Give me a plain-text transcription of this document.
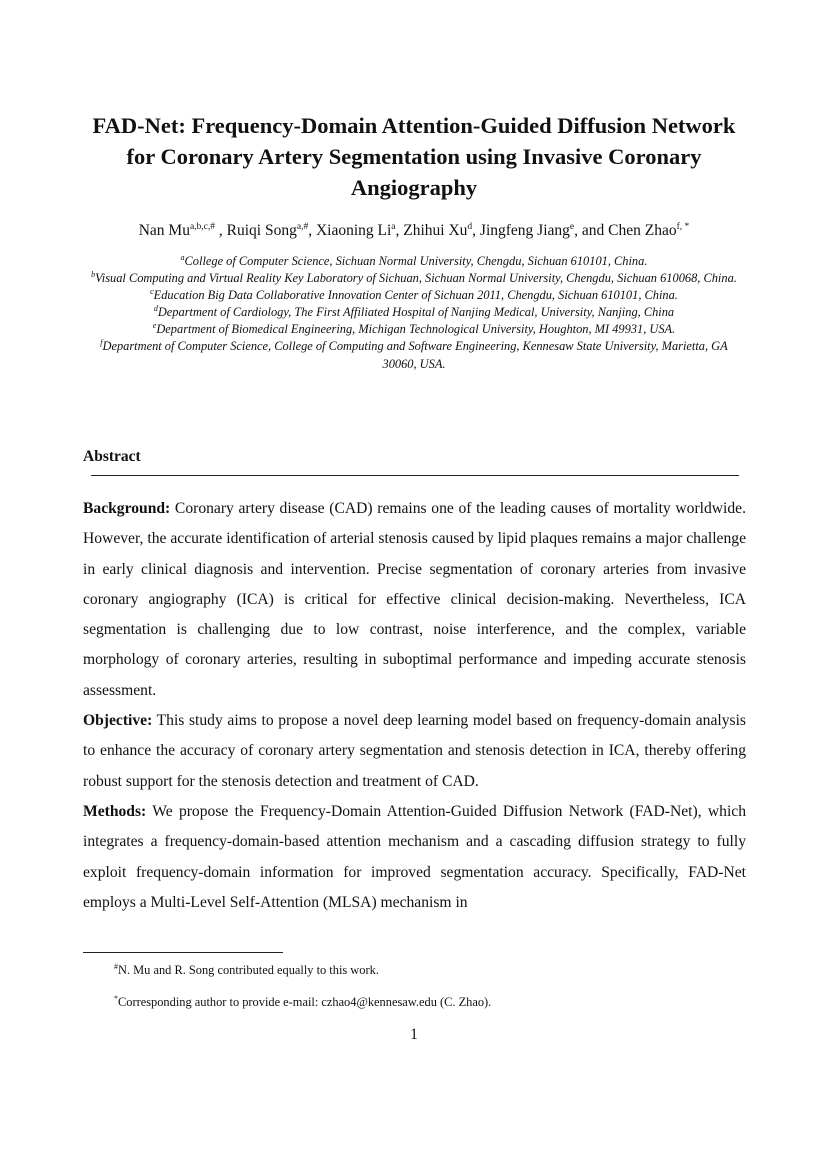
FAD-Net: Frequency-Domain Attention-Guided Diffusion Network for Coronary Artery Segmentation using Invasive Coronary Angiography
Nan $Mu^{a,b,c,\#}$ , Ruiqi Song$^{a,\#}$, Xiaoning Li$^a$, Zhihui Xu$^d$, Jingfeng Jiang$^e$, and Chen Zhao$^{f, *}$
$^a$College of Computer Science, Sichuan Normal University, Chengdu, Sichuan 610101, China.
$^b$Visual Computing and Virtual Reality Key Laboratory of Sichuan, Sichuan Normal University, Chengdu, Sichuan 610068, China.
$^c$Education Big Data Collaborative Innovation Center of Sichuan 2011, Chengdu, Sichuan 610101, China.
$^d$Department of Cardiology, The First Affiliated Hospital of Nanjing Medical, University, Nanjing, China
$^e$Department of Biomedical Engineering, Michigan Technological University, Houghton, MI 49931, USA.
$^f$Department of Computer Science, College of Computing and Software Engineering, Kennesaw State University, Marietta, GA 30060, USA.
Abstract

Background: Coronary artery disease (CAD) remains one of the leading causes of mortality worldwide. However, the accurate identification of arterial stenosis caused by lipid plaques remains a major challenge in early clinical diagnosis and intervention. Precise segmentation of coronary arteries from invasive coronary angiography (ICA) is critical for effective clinical decision-making. Nevertheless, ICA segmentation is challenging due to low contrast, noise interference, and the complex, variable morphology of coronary arteries, resulting in suboptimal performance and impeding accurate stenosis assessment.

Objective: This study aims to propose a novel deep learning model based on frequency-domain analysis to enhance the accuracy of coronary artery segmentation and stenosis detection in ICA, thereby offering robust support for the stenosis detection and treatment of CAD.

Methods: We propose the Frequency-Domain Attention-Guided Diffusion Network (FAD-Net), which integrates a frequency-domain-based attention mechanism and a cascading diffusion strategy to fully exploit frequency-domain information for improved segmentation accuracy. Specifically, FAD-Net employs a Multi-Level Self-Attention (MLSA) mechanism in

#N. Mu and R. Song contributed equally to this work.
*Corresponding author to provide e-mail: czhao4@kennesaw.edu (C. Zhao).
1
